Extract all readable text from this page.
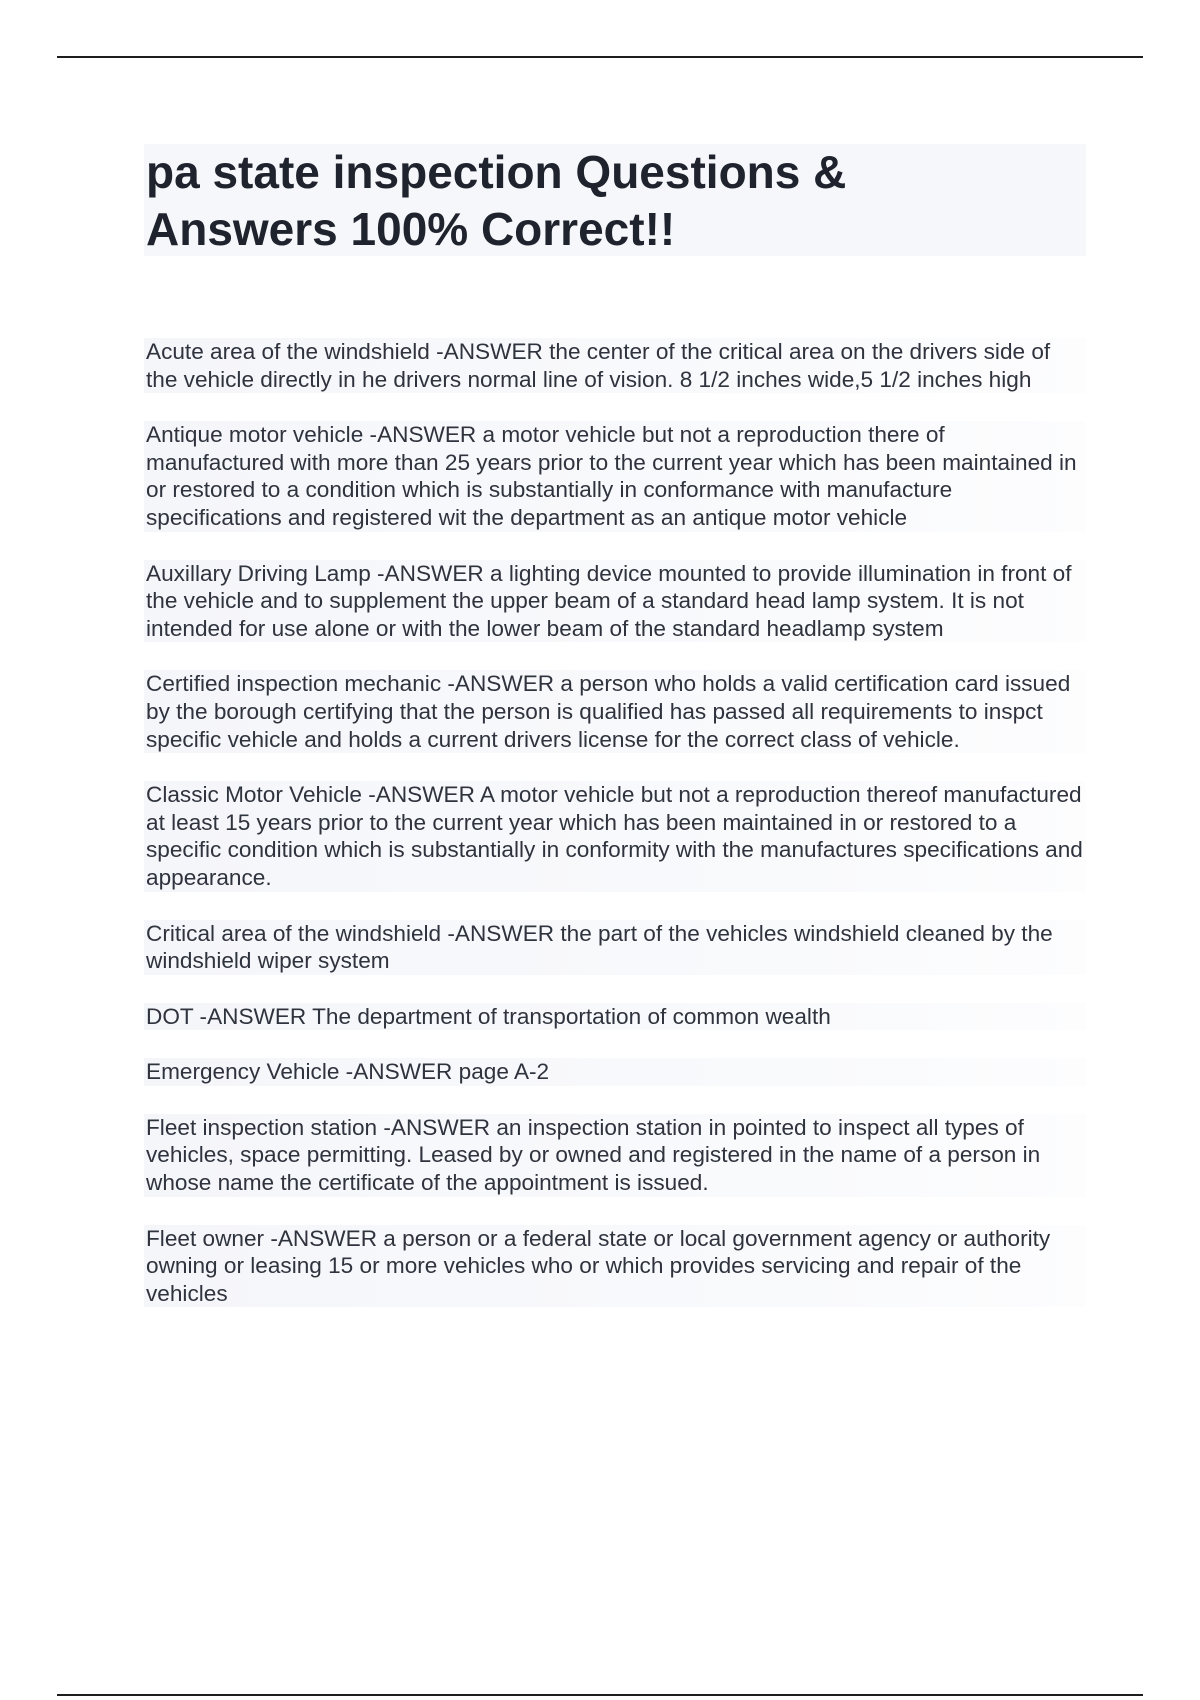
pa state inspection Questions &
Answers 100% Correct!!

Acute area of the windshield -ANSWER the center of the critical area on the drivers side of the vehicle directly in he drivers normal line of vision. 8 1/2 inches wide,5 1/2 inches high

Antique motor vehicle -ANSWER a motor vehicle but not a reproduction there of manufactured with more than 25 years prior to the current year which has been maintained in or restored to a condition which is substantially in conformance with manufacture specifications and registered wit the department as an antique motor vehicle

Auxillary Driving Lamp -ANSWER a lighting device mounted to provide illumination in front of the vehicle and to supplement the upper beam of a standard head lamp system. It is not intended for use alone or with the lower beam of the standard headlamp system

Certified inspection mechanic -ANSWER a person who holds a valid certification card issued by the borough certifying that the person is qualified has passed all requirements to inspct specific vehicle and holds a current drivers license for the correct class of vehicle.

Classic Motor Vehicle -ANSWER A motor vehicle but not a reproduction thereof manufactured at least 15 years prior to the current year which has been maintained in or restored to a specific condition which is substantially in conformity with the manufactures specifications and appearance.

Critical area of the windshield -ANSWER the part of the vehicles windshield cleaned by the windshield wiper system

DOT -ANSWER The department of transportation of common wealth

Emergency Vehicle -ANSWER page A-2

Fleet inspection station -ANSWER an inspection station in pointed to inspect all types of vehicles, space permitting. Leased by or owned and registered in the name of a person in whose name the certificate of the appointment is issued.

Fleet owner -ANSWER a person or a federal state or local government agency or authority owning or leasing 15 or more vehicles who or which provides servicing and repair of the vehicles
